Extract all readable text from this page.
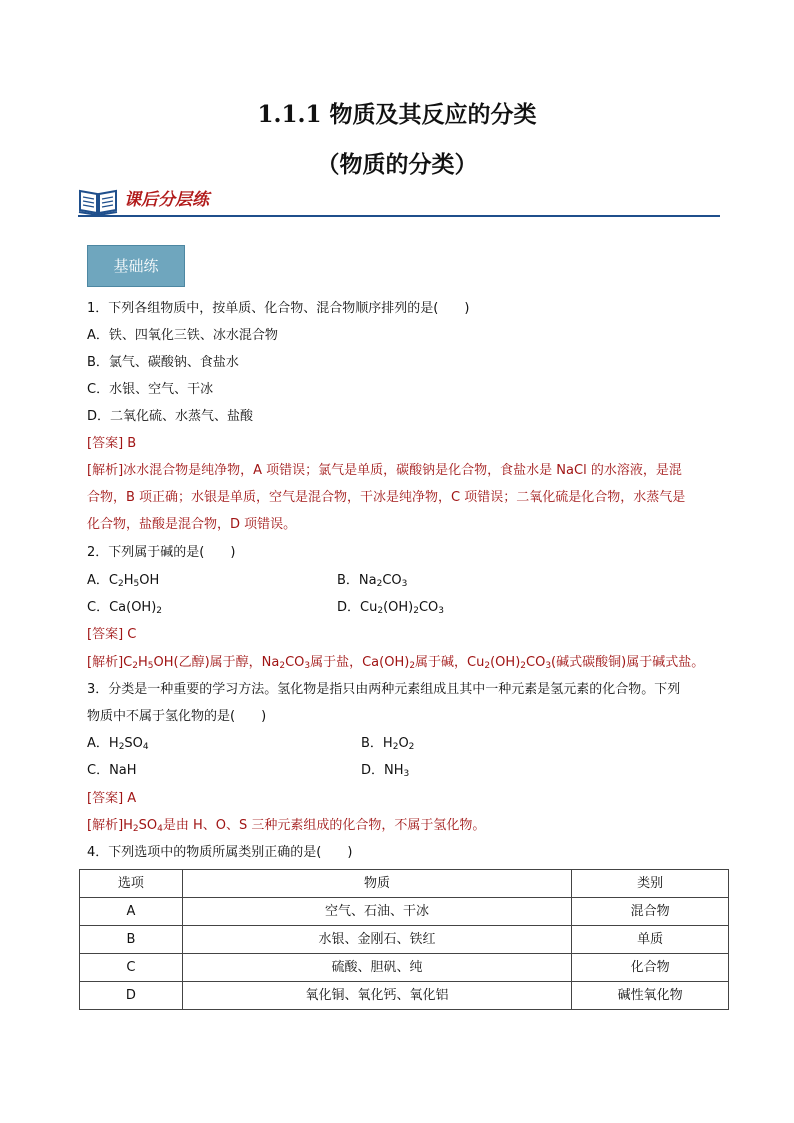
1.1.1 物质及其反应的分类
（物质的分类）
课后分层练
基础练
1．下列各组物质中，按单质、化合物、混合物顺序排列的是(　　)
A．铁、四氧化三铁、冰水混合物
B．氯气、碳酸钠、食盐水
C．水银、空气、干冰
D．二氧化硫、水蒸气、盐酸
[答案] B
[解析]冰水混合物是纯净物，A 项错误；氯气是单质，碳酸钠是化合物，食盐水是 NaCl 的水溶液，是混
合物，B 项正确；水银是单质，空气是混合物，干冰是纯净物，C 项错误；二氧化硫是化合物，水蒸气是
化合物，盐酸是混合物，D 项错误。
2．下列属于碱的是(　　)
A．$C_2H_5OH$	B．$Na_2CO_3$
C．$Ca(OH)_2$	D．$Cu_2(OH)_2CO_3$
[答案] C
[解析]$C_2H_5OH$(乙醇)属于醇，$Na_2CO_3$属于盐，$Ca(OH)_2$属于碱，$Cu_2(OH)_2CO_3$(碱式碳酸铜)属于碱式盐。
3．分类是一种重要的学习方法。氢化物是指只由两种元素组成且其中一种元素是氢元素的化合物。下列
物质中不属于氢化物的是(　　)
A．$H_2SO_4$	B．$H_2O_2$
C．NaH	D．$NH_3$
[答案] A
[解析]$H_2SO_4$是由 H、O、S 三种元素组成的化合物，不属于氢化物。
4．下列选项中的物质所属类别正确的是(　　)
选项	物质	类别
A	空气、石油、干冰	混合物
B	水银、金刚石、铁红	单质
C	硫酸、胆矾、纯	化合物
D	氧化铜、氧化钙、氧化铝	碱性氧化物
